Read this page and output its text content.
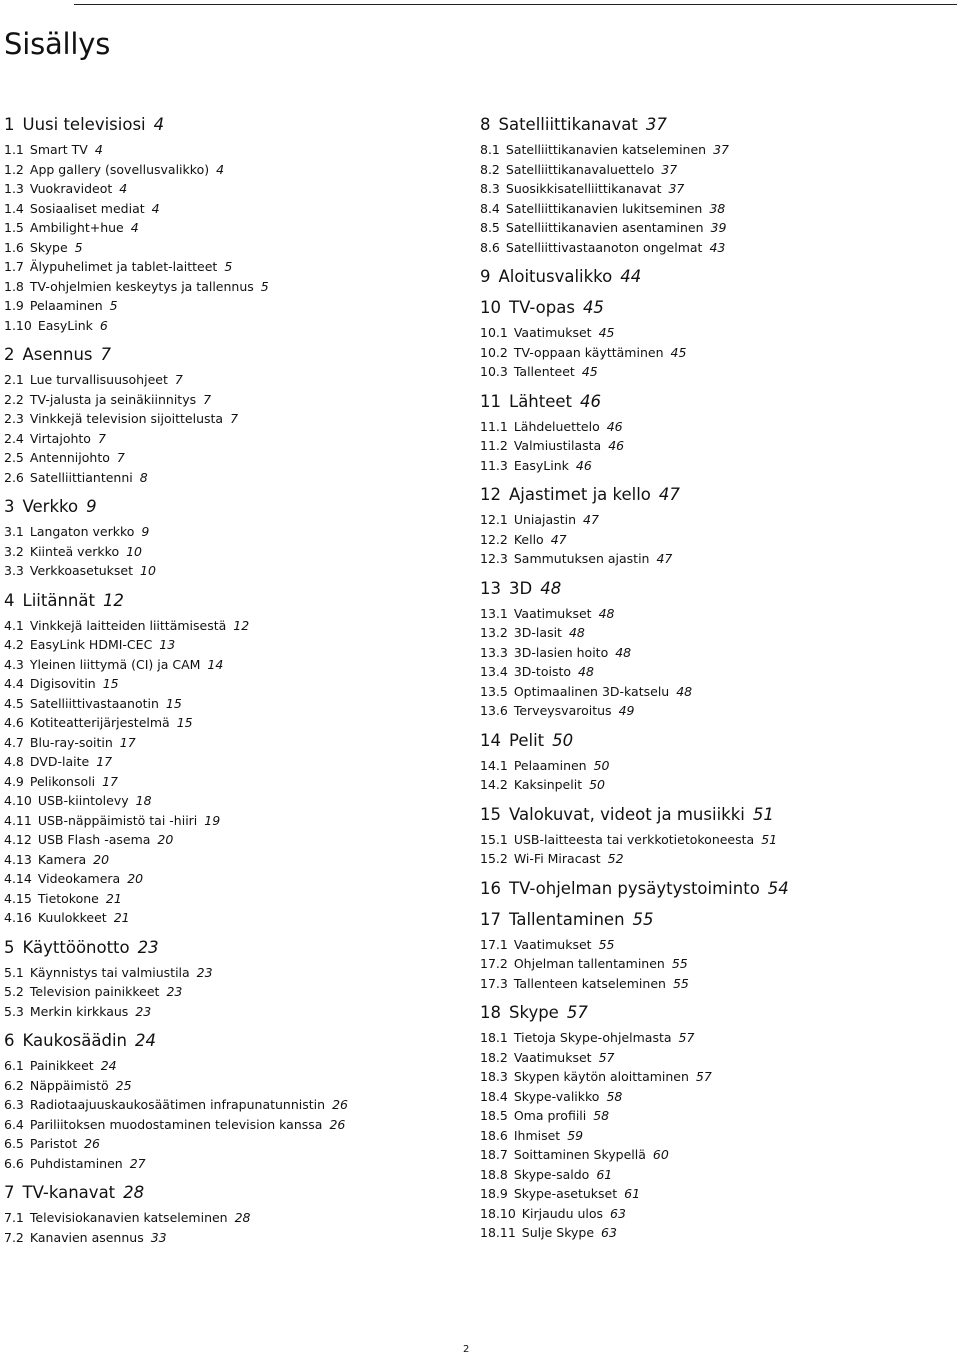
Sisällys
1 Uusi televisiosi 4
1.1 Smart TV 4
1.2 App gallery (sovellusvalikko) 4
1.3 Vuokravideot 4
1.4 Sosiaaliset mediat 4
1.5 Ambilight+hue 4
1.6 Skype 5
1.7 Älypuhelimet ja tablet-laitteet 5
1.8 TV-ohjelmien keskeytys ja tallennus 5
1.9 Pelaaminen 5
1.10 EasyLink 6
2 Asennus 7
2.1 Lue turvallisuusohjeet 7
2.2 TV-jalusta ja seinäkiinnitys 7
2.3 Vinkkejä television sijoittelusta 7
2.4 Virtajohto 7
2.5 Antennijohto 7
2.6 Satelliittiantenni 8
3 Verkko 9
3.1 Langaton verkko 9
3.2 Kiinteä verkko 10
3.3 Verkkoasetukset 10
4 Liitännät 12
4.1 Vinkkejä laitteiden liittämisestä 12
4.2 EasyLink HDMI-CEC 13
4.3 Yleinen liittymä (CI) ja CAM 14
4.4 Digisovitin 15
4.5 Satelliittivastaanotin 15
4.6 Kotiteatterijärjestelmä 15
4.7 Blu-ray-soitin 17
4.8 DVD-laite 17
4.9 Pelikonsoli 17
4.10 USB-kiintolevy 18
4.11 USB-näppäimistö tai -hiiri 19
4.12 USB Flash -asema 20
4.13 Kamera 20
4.14 Videokamera 20
4.15 Tietokone 21
4.16 Kuulokkeet 21
5 Käyttöönotto 23
5.1 Käynnistys tai valmiustila 23
5.2 Television painikkeet 23
5.3 Merkin kirkkaus 23
6 Kaukosäädin 24
6.1 Painikkeet 24
6.2 Näppäimistö 25
6.3 Radiotaajuuskaukosäätimen infrapunatunnistin 26
6.4 Pariliitoksen muodostaminen television kanssa 26
6.5 Paristot 26
6.6 Puhdistaminen 27
7 TV-kanavat 28
7.1 Televisiokanavien katseleminen 28
7.2 Kanavien asennus 33
8 Satelliittikanavat 37
8.1 Satelliittikanavien katseleminen 37
8.2 Satelliittikanavaluettelo 37
8.3 Suosikkisatelliittikanavat 37
8.4 Satelliittikanavien lukitseminen 38
8.5 Satelliittikanavien asentaminen 39
8.6 Satelliittivastaanoton ongelmat 43
9 Aloitusvalikko 44
10 TV-opas 45
10.1 Vaatimukset 45
10.2 TV-oppaan käyttäminen 45
10.3 Tallenteet 45
11 Lähteet 46
11.1 Lähdeluettelo 46
11.2 Valmiustilasta 46
11.3 EasyLink 46
12 Ajastimet ja kello 47
12.1 Uniajastin 47
12.2 Kello 47
12.3 Sammutuksen ajastin 47
13 3D 48
13.1 Vaatimukset 48
13.2 3D-lasit 48
13.3 3D-lasien hoito 48
13.4 3D-toisto 48
13.5 Optimaalinen 3D-katselu 48
13.6 Terveysvaroitus 49
14 Pelit 50
14.1 Pelaaminen 50
14.2 Kaksinpelit 50
15 Valokuvat, videot ja musiikki 51
15.1 USB-laitteesta tai verkkotietokoneesta 51
15.2 Wi-Fi Miracast 52
16 TV-ohjelman pysäytystoiminto 54
17 Tallentaminen 55
17.1 Vaatimukset 55
17.2 Ohjelman tallentaminen 55
17.3 Tallenteen katseleminen 55
18 Skype 57
18.1 Tietoja Skype-ohjelmasta 57
18.2 Vaatimukset 57
18.3 Skypen käytön aloittaminen 57
18.4 Skype-valikko 58
18.5 Oma profiili 58
18.6 Ihmiset 59
18.7 Soittaminen Skypellä 60
18.8 Skype-saldo 61
18.9 Skype-asetukset 61
18.10 Kirjaudu ulos 63
18.11 Sulje Skype 63
2
